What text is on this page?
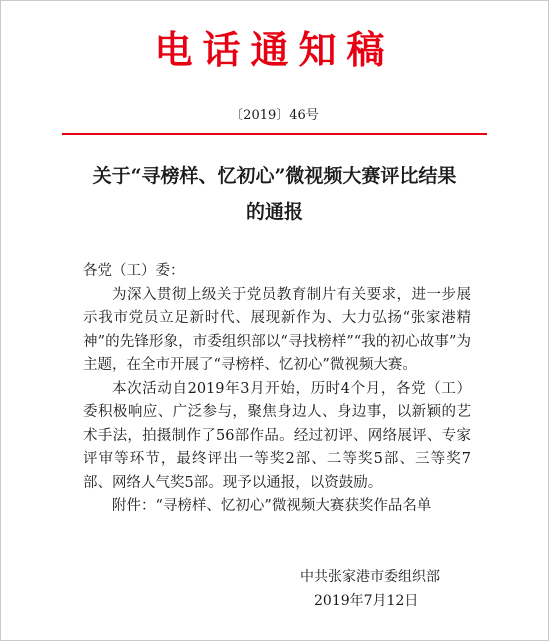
电话通知稿
〔2019〕46号
关于“寻榜样、忆初心”微视频大赛评比结果
的通报

各党（工）委：

为深入贯彻上级关于党员教育制片有关要求，进一步展示我市党员立足新时代、展现新作为、大力弘扬“张家港精神”的先锋形象，市委组织部以“寻找榜样”“我的初心故事”为主题，在全市开展了“寻榜样、忆初心”微视频大赛。

本次活动自2019年3月开始，历时4个月，各党（工）委积极响应、广泛参与，聚焦身边人、身边事，以新颖的艺术手法，拍摄制作了56部作品。经过初评、网络展评、专家评审等环节，最终评出一等奖2部、二等奖5部、三等奖7部、网络人气奖5部。现予以通报，以资鼓励。

附件：“寻榜样、忆初心”微视频大赛获奖作品名单

中共张家港市委组织部
2019年7月12日
